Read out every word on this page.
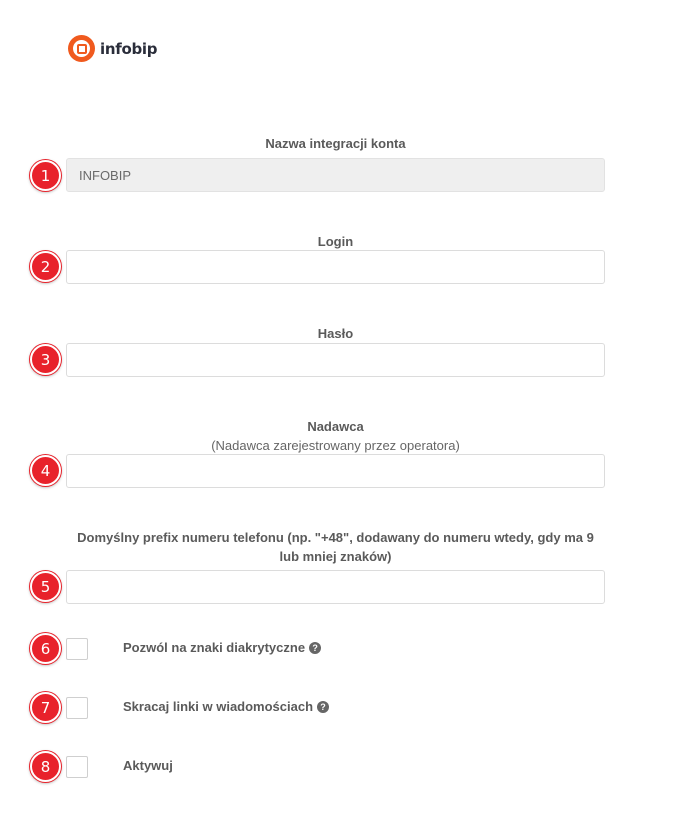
infobip
Nazwa integracji konta
1
INFOBIP
Login
2
Hasło
3
Nadawca
(Nadawca zarejestrowany przez operatora)
4
Domyślny prefix numeru telefonu (np. "+48", dodawany do numeru wtedy, gdy ma 9 lub mniej znaków)
5
6	Pozwól na znaki diakrytyczne ?
7	Skracaj linki w wiadomościach ?
8	Aktywuj
